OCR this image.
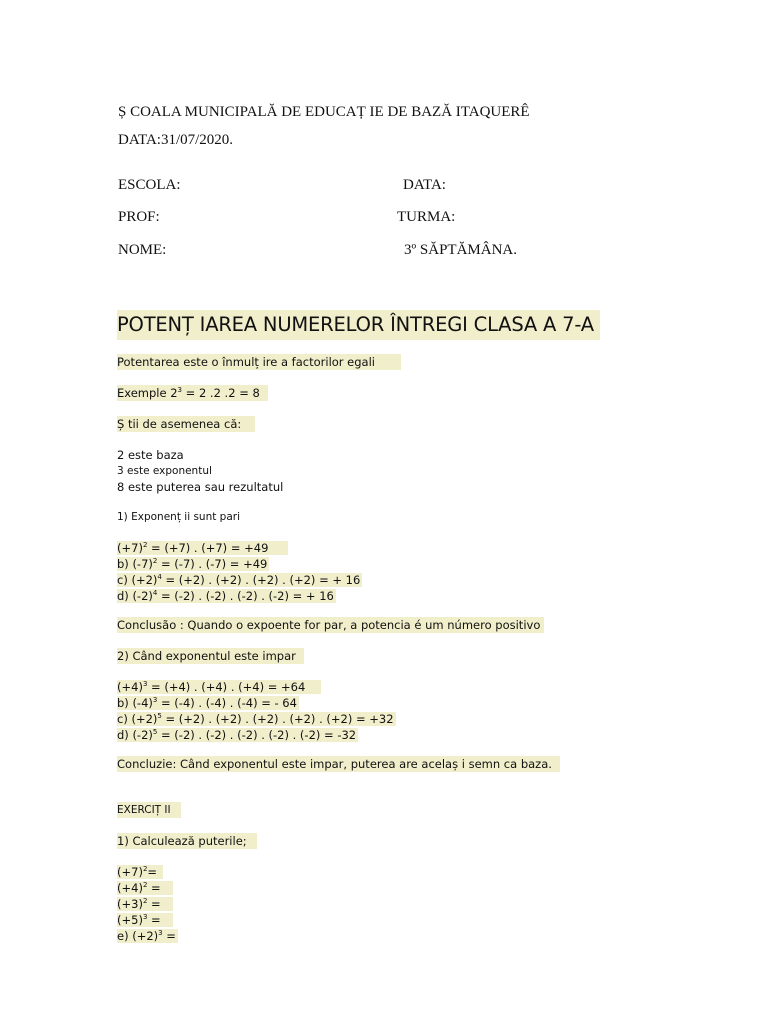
Ș COALA MUNICIPALĂ DE EDUCAȚ IE DE BAZĂ ITAQUERÊ
DATA:31/07/2020.
ESCOLA:	DATA:
PROF:	TURMA:
NOME:	3º SĂPTĂMÂNA.
POTENȚ IAREA NUMERELOR ÎNTREGI CLASA A 7-A
Potentarea este o înmulț ire a factorilor egali
Exemple $2^3 = 2$ .2 .2 = 8
Ș tii de asemenea că:
2 este baza
3 este exponentul
8 este puterea sau rezultatul
1) Exponenț ii sunt pari
$(+7)^2 = (+7)$ . (+7) = +49
b) $(-7)^2 = (-7)$ . (-7) = +49
c) $(+2)^4 = (+2)$ . (+2) . (+2) . (+2) = + 16
d) $(-2)^4 = (-2)$ . (-2) . (-2) . (-2) = + 16
Conclusão : Quando o expoente for par, a potencia é um número positivo
2) Când exponentul este impar
$(+4)^3 = (+4)$ . (+4) . (+4) = +64
b) $(-4)^3 = (-4)$ . (-4) . (-4) = - 64
c) $(+2)^5 = (+2)$ . (+2) . (+2) . (+2) . (+2) = +32
d) $(-2)^5 = (-2)$ . (-2) . (-2) . (-2) . (-2) = -32
Concluzie: Când exponentul este impar, puterea are acelaș i semn ca baza.
EXERCIȚ II
1) Calculează puterile;
$(+7)^2=$
$(+4)^2$ =
$(+3)^2$ =
$(+5)^3$ =
e) $(+2)^3$ =
